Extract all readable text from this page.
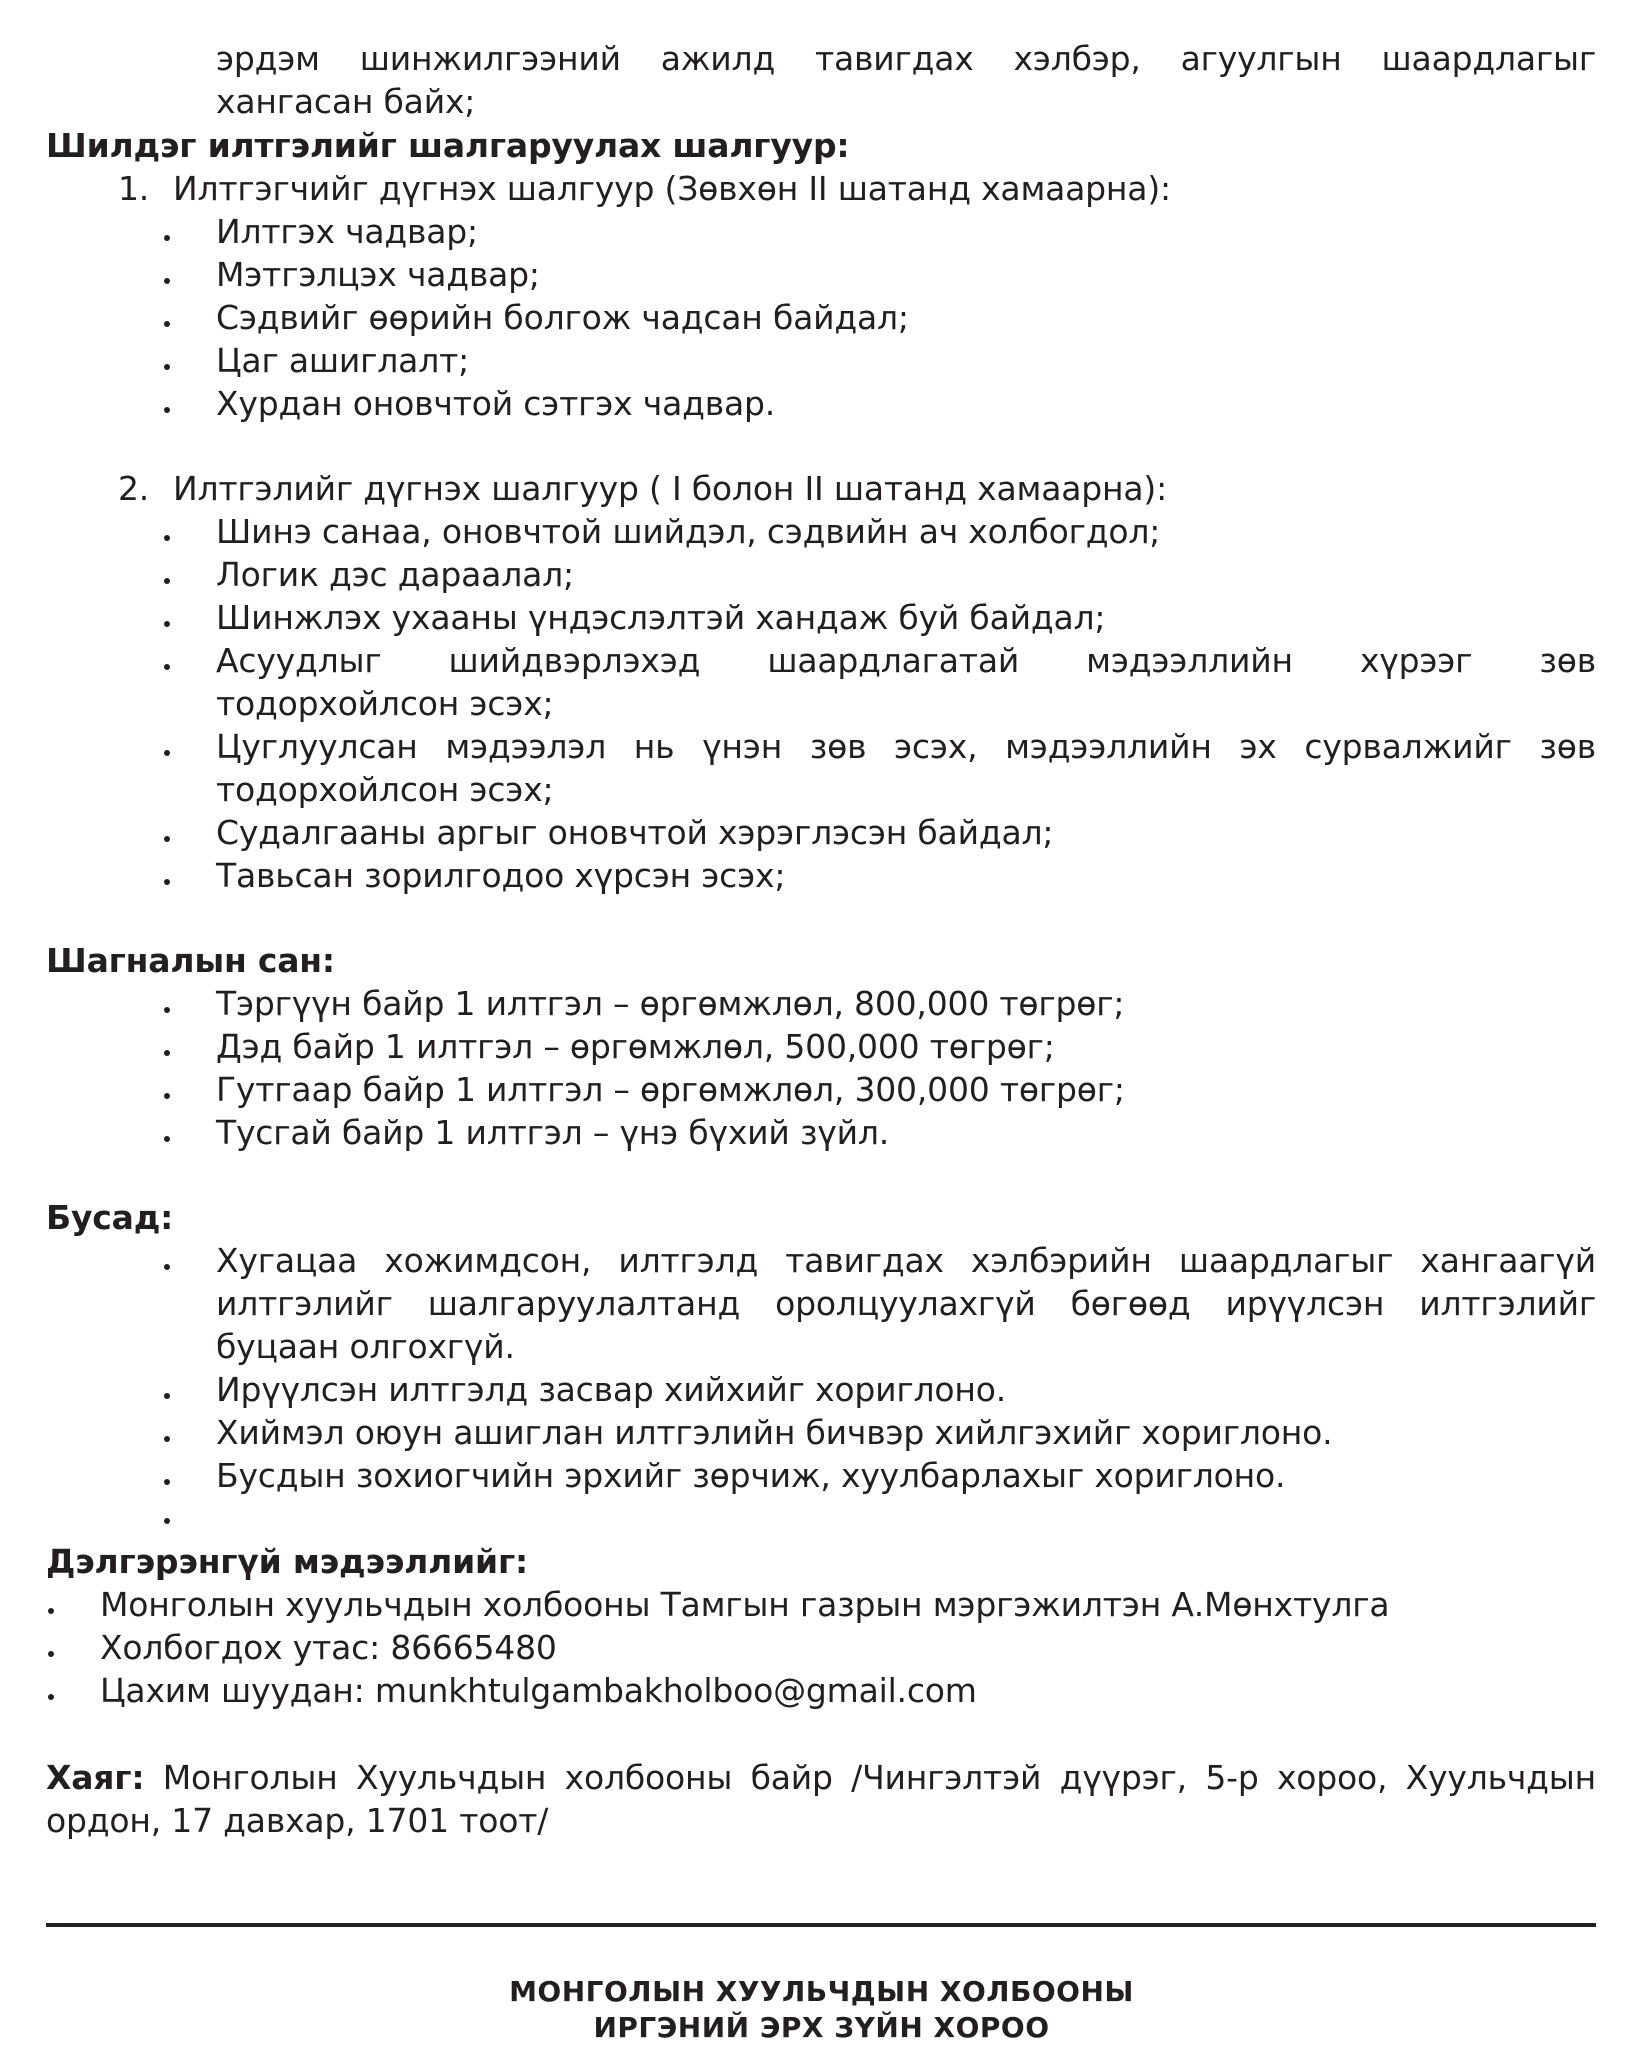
эрдэм шинжилгээний ажилд тавигдах хэлбэр, агуулгын шаардлагыг
хангасан байх;
Шилдэг илтгэлийг шалгаруулах шалгуур:
1. Илтгэгчийг дүгнэх шалгуур (Зөвхөн II шатанд хамаарна):
Илтгэх чадвар;
Мэтгэлцэх чадвар;
Сэдвийг өөрийн болгож чадсан байдал;
Цаг ашиглалт;
Хурдан оновчтой сэтгэх чадвар.
2. Илтгэлийг дүгнэх шалгуур ( I болон II шатанд хамаарна):
Шинэ санаа, оновчтой шийдэл, сэдвийн ач холбогдол;
Логик дэс дараалал;
Шинжлэх ухааны үндэслэлтэй хандаж буй байдал;
Асуудлыг шийдвэрлэхэд шаардлагатай мэдээллийн хүрээг зөв
тодорхойлсон эсэх;
Цуглуулсан мэдээлэл нь үнэн зөв эсэх, мэдээллийн эх сурвалжийг зөв
тодорхойлсон эсэх;
Судалгааны аргыг оновчтой хэрэглэсэн байдал;
Тавьсан зорилгодоо хүрсэн эсэх;
Шагналын сан:
Тэргүүн байр 1 илтгэл – өргөмжлөл, 800,000 төгрөг;
Дэд байр 1 илтгэл – өргөмжлөл, 500,000 төгрөг;
Гутгаар байр 1 илтгэл – өргөмжлөл, 300,000 төгрөг;
Тусгай байр 1 илтгэл – үнэ бүхий зүйл.
Бусад:
Хугацаа хожимдсон, илтгэлд тавигдах хэлбэрийн шаардлагыг хангаагүй
илтгэлийг шалгаруулалтанд оролцуулахгүй бөгөөд ирүүлсэн илтгэлийг
буцаан олгохгүй.
Ирүүлсэн илтгэлд засвар хийхийг хориглоно.
Хиймэл оюун ашиглан илтгэлийн бичвэр хийлгэхийг хориглоно.
Бусдын зохиогчийн эрхийг зөрчиж, хуулбарлахыг хориглоно.
Дэлгэрэнгүй мэдээллийг:
Монголын хуульчдын холбооны Тамгын газрын мэргэжилтэн А.Мөнхтулга
Холбогдох утас: 86665480
Цахим шуудан: munkhtulgambakholboo@gmail.com
Хаяг: Монголын Хуульчдын холбооны байр /Чингэлтэй дүүрэг, 5-р хороо, Хуульчдын
ордон, 17 давхар, 1701 тоот/
МОНГОЛЫН ХУУЛЬЧДЫН ХОЛБООНЫ
ИРГЭНИЙ ЭРХ ЗҮЙН ХОРОО
